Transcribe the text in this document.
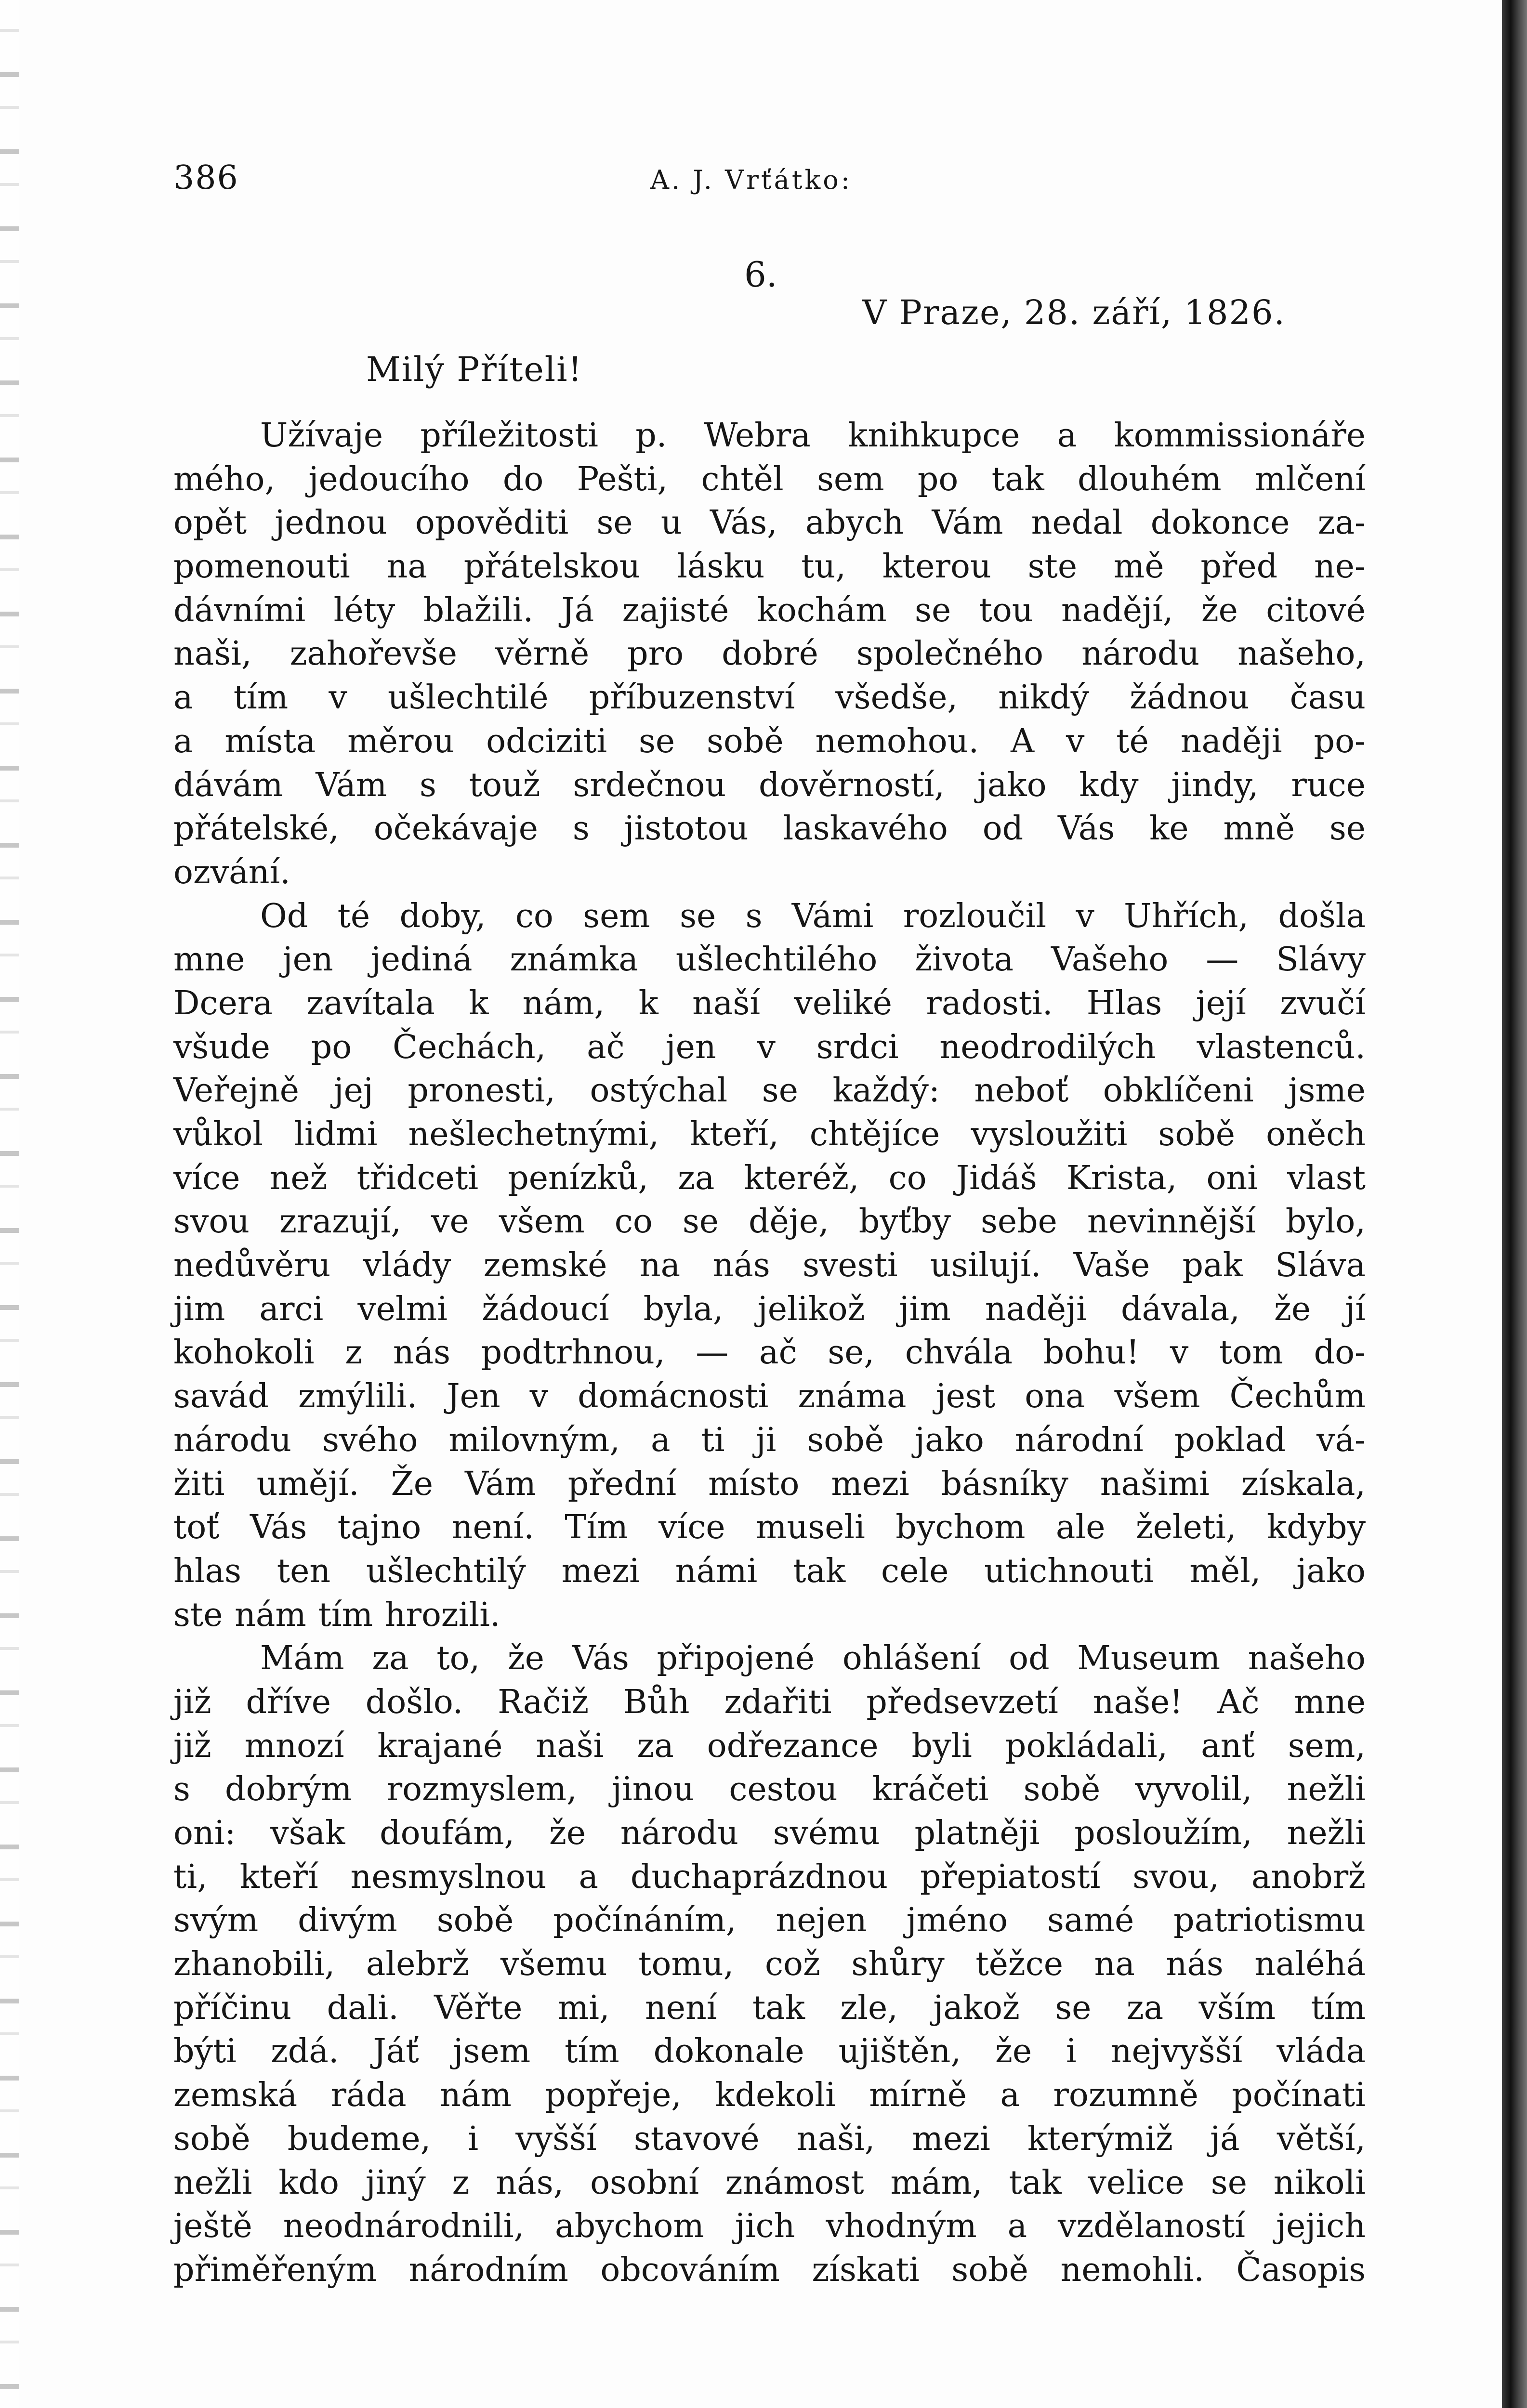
386	A. J. Vrťátko:
6.
V Praze, 28. září, 1826.
Milý Příteli!
Užívaje příležitosti p. Webra knihkupce a kommissionáře
mého, jedoucího do Pešti, chtěl sem po tak dlouhém mlčení
opět jednou opověditi se u Vás, abych Vám nedal dokonce za-
pomenouti na přátelskou lásku tu, kterou ste mě před ne-
dávními léty blažili. Já zajisté kochám se tou nadějí, že citové
naši, zahořevše věrně pro dobré společného národu našeho,
a tím v ušlechtilé příbuzenství všedše, nikdý žádnou času
a místa měrou odciziti se sobě nemohou. A v té naději po-
dávám Vám s touž srdečnou dověrností, jako kdy jindy, ruce
přátelské, očekávaje s jistotou laskavého od Vás ke mně se
ozvání.
Od té doby, co sem se s Vámi rozloučil v Uhřích, došla
mne jen jediná známka ušlechtilého života Vašeho — Slávy
Dcera zavítala k nám, k naší veliké radosti. Hlas její zvučí
všude po Čechách, ač jen v srdci neodrodilých vlastenců.
Veřejně jej pronesti, ostýchal se každý: neboť obklíčeni jsme
vůkol lidmi nešlechetnými, kteří, chtějíce vysloužiti sobě oněch
více než třidceti penízků, za kteréž, co Jidáš Krista, oni vlast
svou zrazují, ve všem co se děje, byťby sebe nevinnější bylo,
nedůvěru vlády zemské na nás svesti usilují. Vaše pak Sláva
jim arci velmi žádoucí byla, jelikož jim naději dávala, že jí
kohokoli z nás podtrhnou, — ač se, chvála bohu! v tom do-
savád zmýlili. Jen v domácnosti známa jest ona všem Čechům
národu svého milovným, a ti ji sobě jako národní poklad vá-
žiti umějí. Že Vám přední místo mezi básníky našimi získala,
toť Vás tajno není. Tím více museli bychom ale želeti, kdyby
hlas ten ušlechtilý mezi námi tak cele utichnouti měl, jako
ste nám tím hrozili.
Mám za to, že Vás připojené ohlášení od Museum našeho
již dříve došlo. Račiž Bůh zdařiti předsevzetí naše! Ač mne
již mnozí krajané naši za odřezance byli pokládali, anť sem,
s dobrým rozmyslem, jinou cestou kráčeti sobě vyvolil, nežli
oni: však doufám, že národu svému platněji posloužím, nežli
ti, kteří nesmyslnou a duchaprázdnou přepiatostí svou, anobrž
svým divým sobě počínáním, nejen jméno samé patriotismu
zhanobili, alebrž všemu tomu, což shůry těžce na nás naléhá
příčinu dali. Věřte mi, není tak zle, jakož se za vším tím
býti zdá. Jáť jsem tím dokonale ujištěn, že i nejvyšší vláda
zemská ráda nám popřeje, kdekoli mírně a rozumně počínati
sobě budeme, i vyšší stavové naši, mezi kterýmiž já větší,
nežli kdo jiný z nás, osobní známost mám, tak velice se nikoli
ještě neodnárodnili, abychom jich vhodným a vzdělaností jejich
přiměřeným národním obcováním získati sobě nemohli. Časopis
